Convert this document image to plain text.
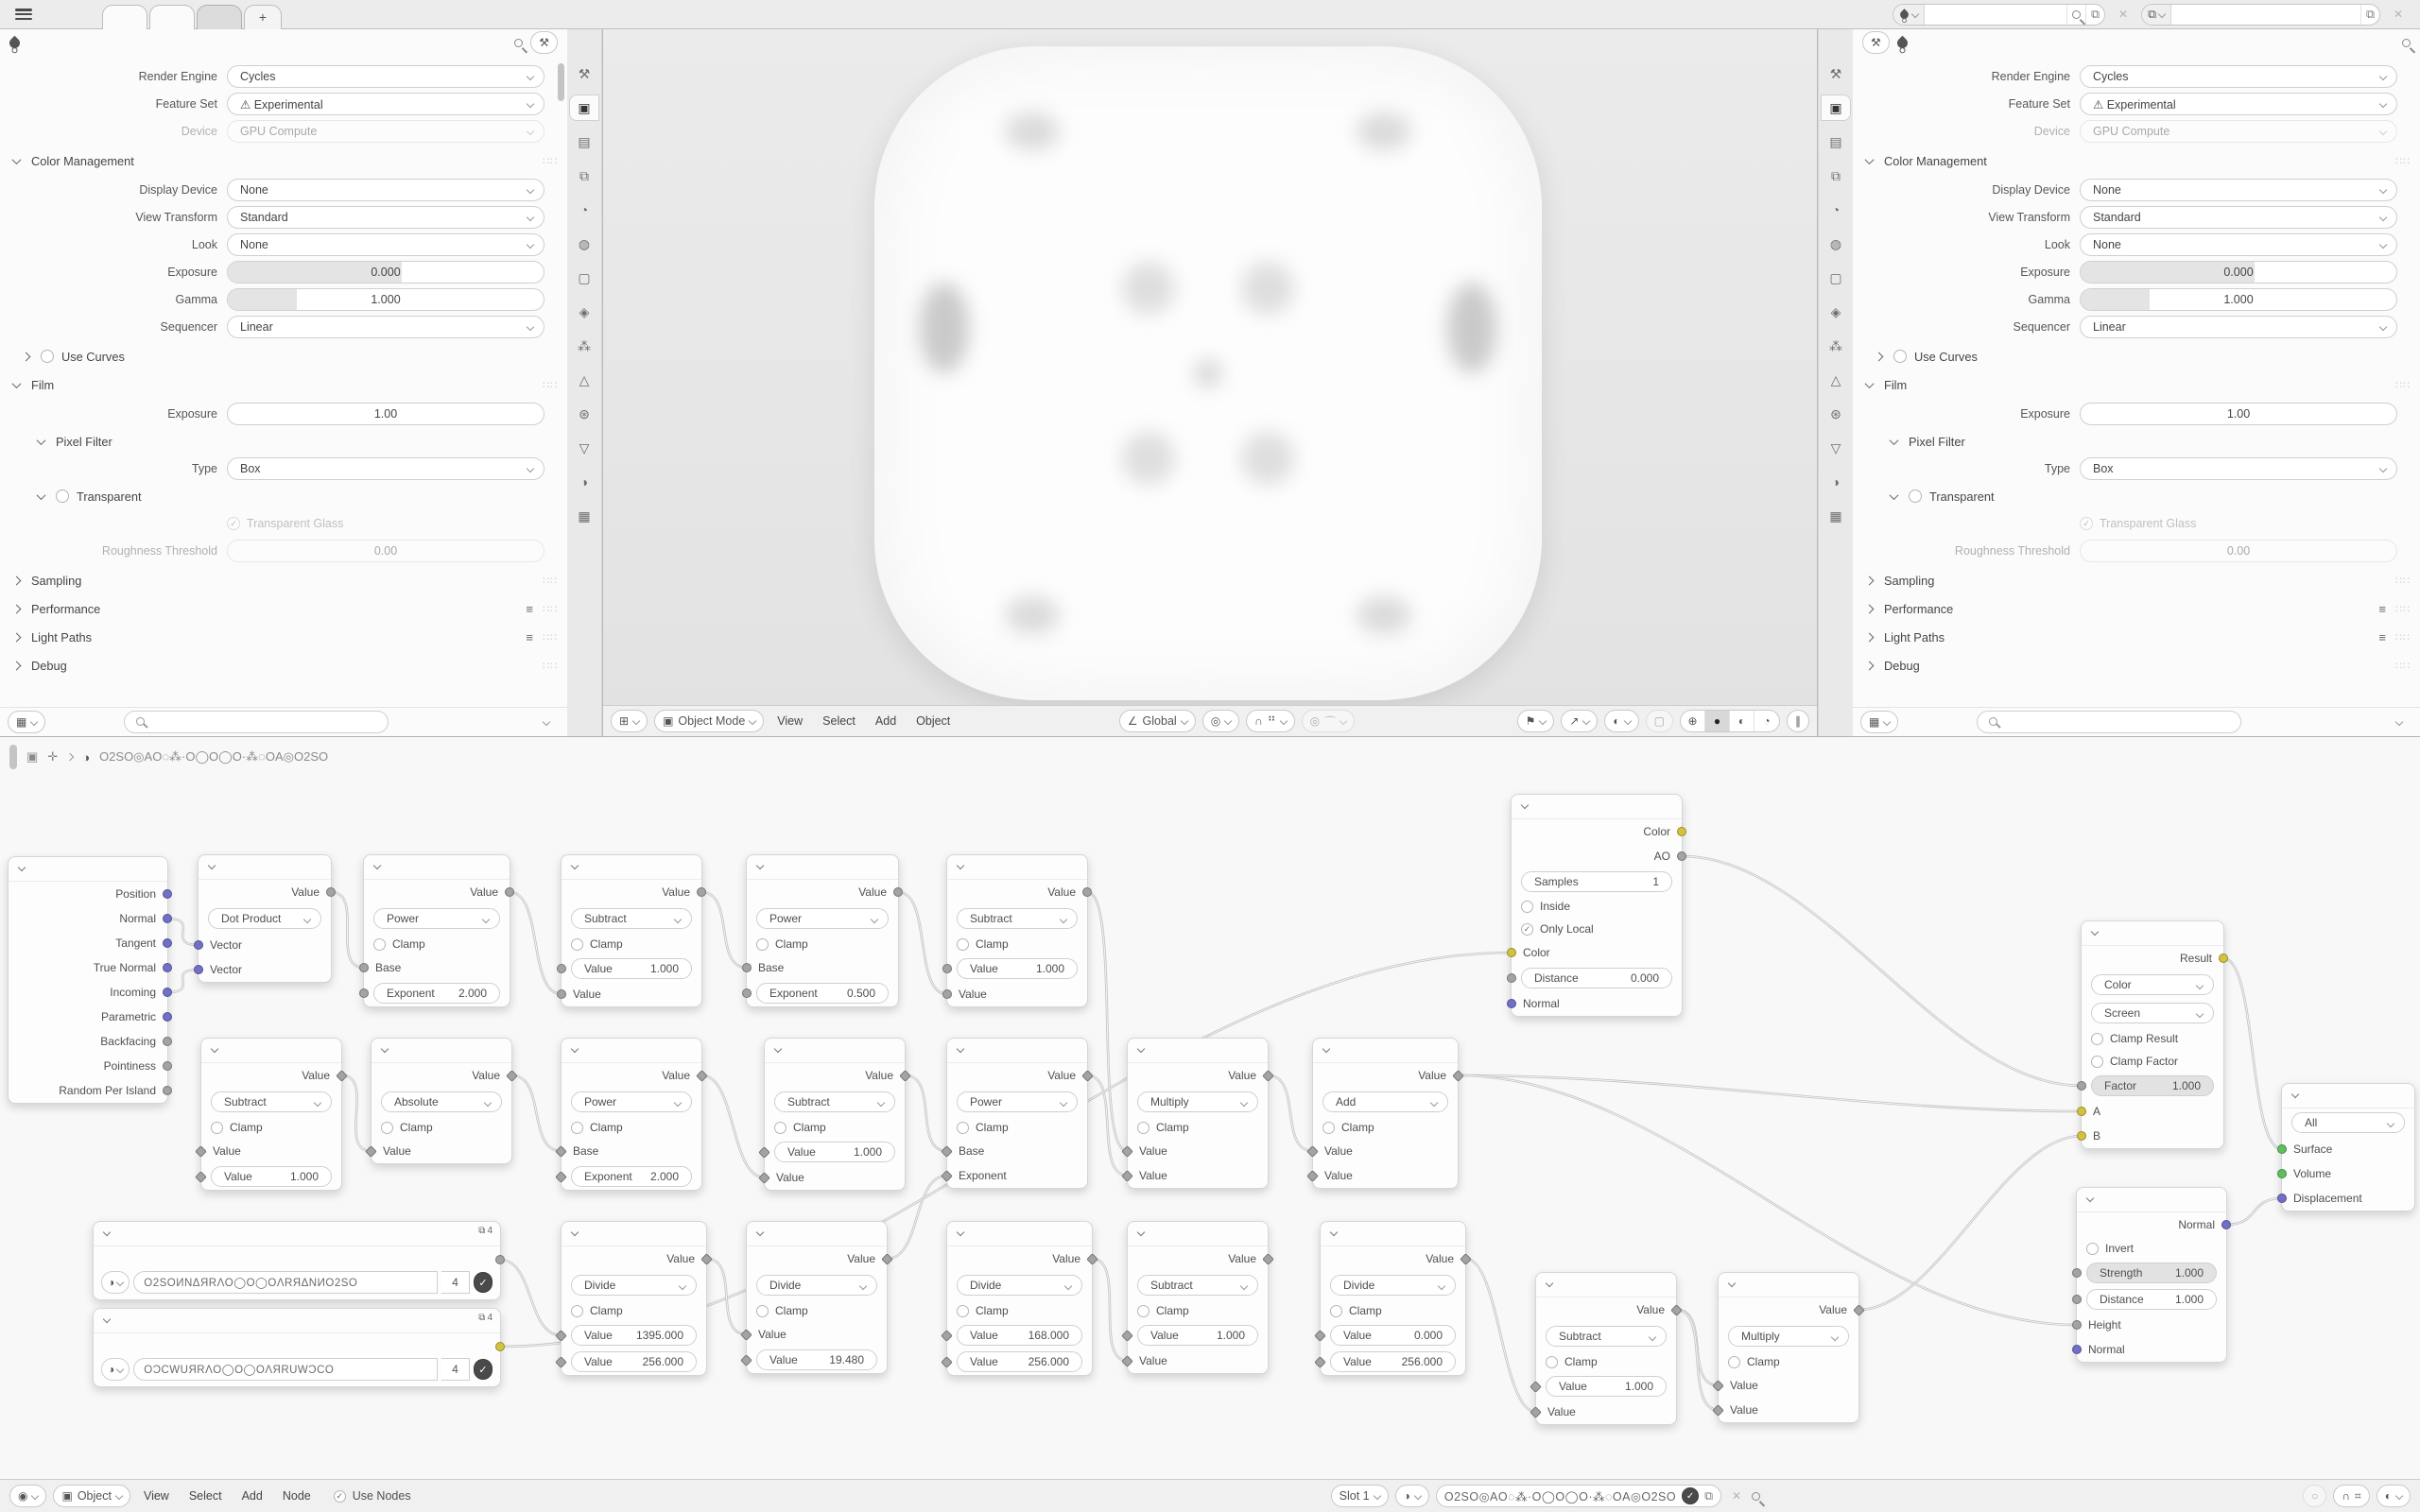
+	⧉	✕	⧉	⧉	✕
⚒
Render Engine	Cycles
Feature Set	⚠ Experimental
Device	GPU Compute
Color Management	∷∷
Display Device	None
View Transform	Standard
Look	None
Exposure	0.000
Gamma	1.000
Sequencer	Linear
Use Curves
Film	∷∷
Exposure	1.00
Pixel Filter
Type	Box
Transparent
✓ Transparent Glass
Roughness Threshold	0.00
Sampling	∷∷
Performance	≡ ∷∷
Light Paths	≡ ∷∷
Debug	∷∷
▦
⚒
▣
▤
⧉
◔
◍
▢
◈
⁂
△
⊛
▽
◑
▦
⊞	▣ Object Mode	View	Select	Add	Object	∠ Global	◎	∩ ⠛	◎ ⌒	⚑	↗	◐	▢	⊕	●	◐	◔	∥
⚒
▣
▤
⧉
◔
◍
▢
◈
⁂
△
⊛
▽
◑
▦
⚒
Render Engine	Cycles
Feature Set	⚠ Experimental
Device	GPU Compute
Color Management	∷∷
Display Device	None
View Transform	Standard
Look	None
Exposure	0.000
Gamma	1.000
Sequencer	Linear
Use Curves
Film	∷∷
Exposure	1.00
Pixel Filter
Type	Box
Transparent
✓ Transparent Glass
Roughness Threshold	0.00
Sampling	∷∷
Performance	≡ ∷∷
Light Paths	≡ ∷∷
Debug	∷∷
▦
▣ ✛ ◑ O2SO◎AO◌⁂·O◯O◯O·⁂◌OA◎O2SO
Position
Normal
Tangent
True Normal
Incoming
Parametric
Backfacing
Pointiness
Random Per Island
Value
Dot Product
Vector
Vector
Value
Power
Clamp
Base
Exponent 2.000
Value
Subtract
Clamp
Value	1.000
Value
Value
Power
Clamp
Base
Exponent	0.500
Value
Subtract
Clamp
Value	1.000
Value
Color
AO
Samples	1
Inside
✓ Only Local
Color
Distance	0.000
Normal
Value
Subtract
Clamp
Value
Value	1.000
Value
Absolute
Clamp
Value
Value
Power
Clamp
Base
Exponent 2.000
Value
Subtract
Clamp
Value	1.000
Value
Value
Power
Clamp
Base
Exponent
Value
Multiply
Clamp
Value
Value
Value
Add
Clamp
Value
Value
⧉ 4
◑	O2SOИNΔЯRΛO◯O◯OΛRЯΔNИO2SO	4	✓
⧉ 4
◑	OƆCWUЯRΛO◯O◯OΛЯRUWƆCO	4	✓
Value
Divide
Clamp
Value 1395.000
Value	256.000
Value
Divide
Clamp
Value
Value	19.480
Value
Divide
Clamp
Value	168.000
Value	256.000
Value
Subtract
Clamp
Value	1.000
Value
Value
Divide
Clamp
Value	0.000
Value	256.000
Value
Subtract
Clamp
Value	1.000
Value
Value
Multiply
Clamp
Value
Value
Result
Color
Screen
Clamp Result
Clamp Factor
Factor	1.000
A
B
Normal
Invert
Strength	1.000
Distance	1.000
Height
Normal
All
Surface
Volume
Displacement
◉	▣ Object	View	Select	Add	Node	✓ Use Nodes	Slot 1	◑	O2SO◎AO◌⁂·O◯O◯O·⁂◌OA◎O2SO	✓ ⧉	✕	○ ∩ ⌗ ◐
